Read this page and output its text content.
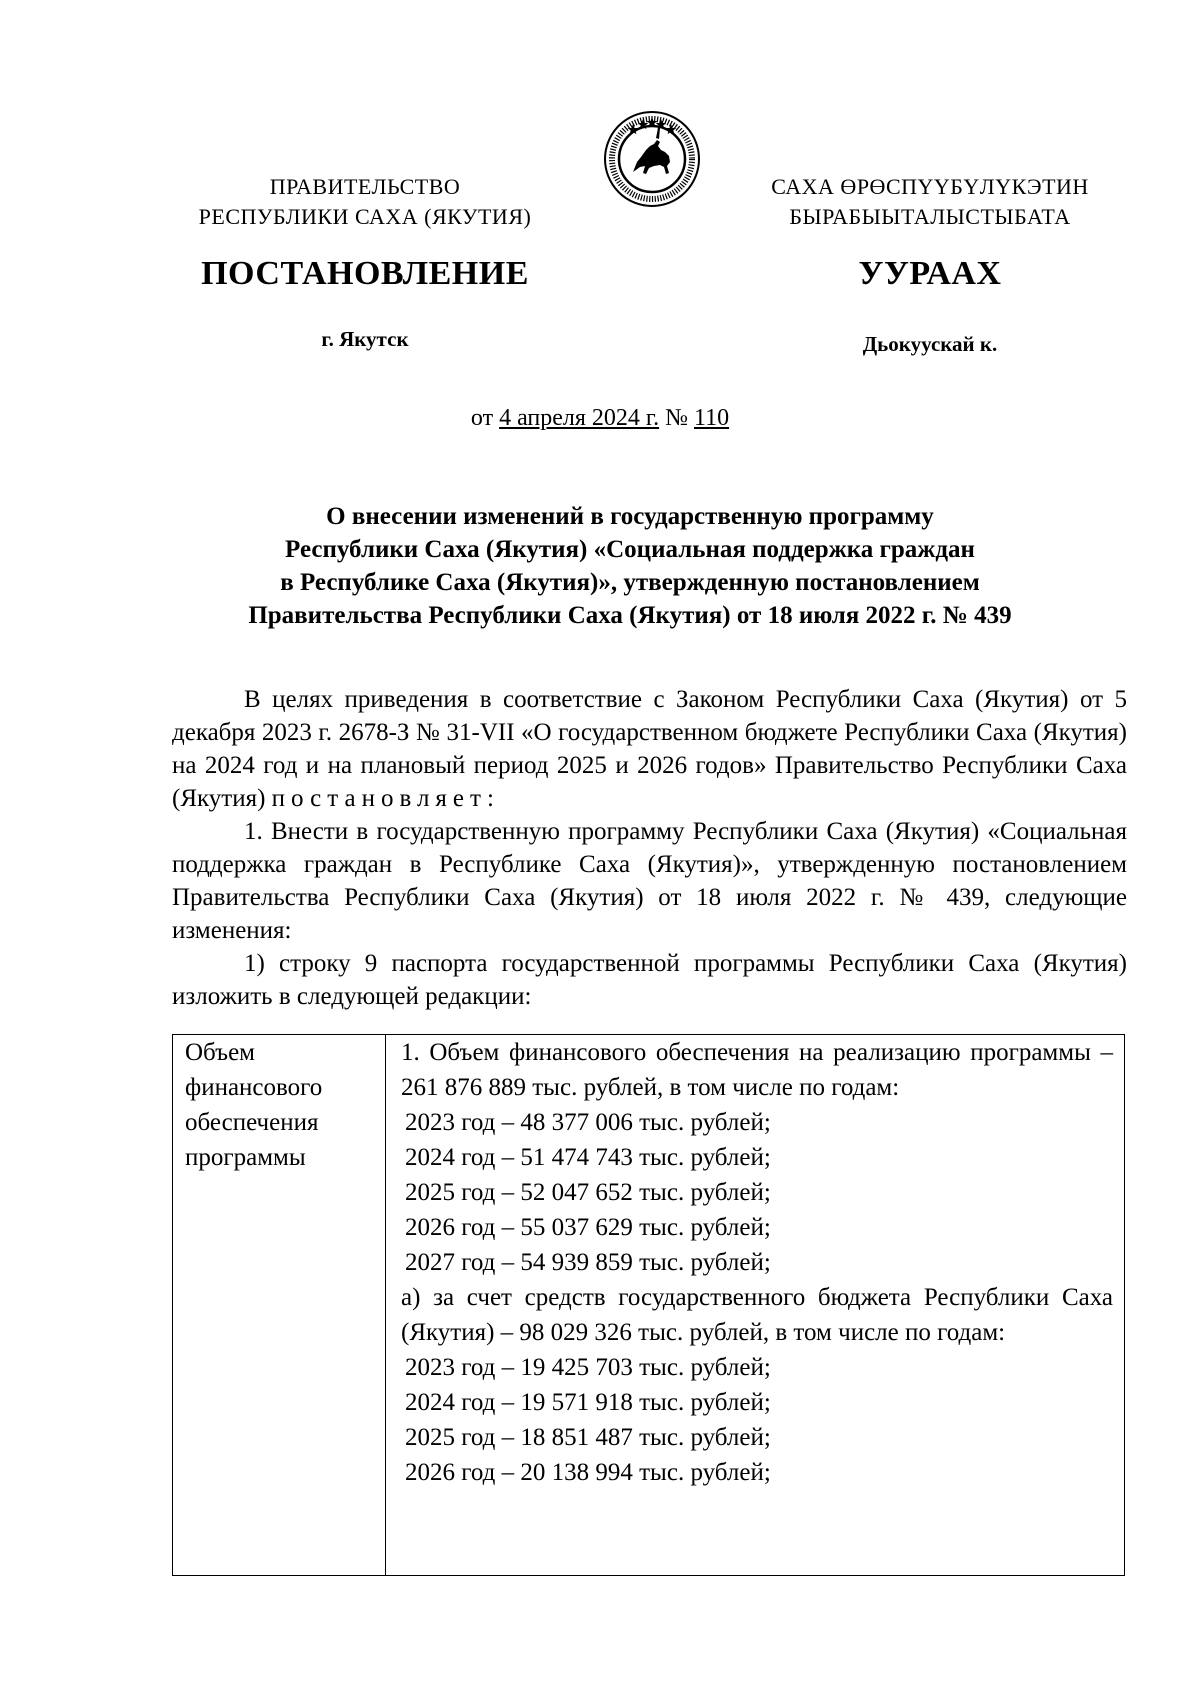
ПРАВИТЕЛЬСТВО
РЕСПУБЛИКИ САХА (ЯКУТИЯ)
САХА ӨРӨСПҮҮБҮЛҮКЭТИН
БЫРАБЫЫТАЛЫСТЫБАТА
ПОСТАНОВЛЕНИЕ	УУРААХ
г. Якутск	Дьокуускай к.
от 4 апреля 2024 г. № 110
О внесении изменений в государственную программу
Республики Саха (Якутия) «Социальная поддержка граждан
в Республике Саха (Якутия)», утвержденную постановлением
Правительства Республики Саха (Якутия) от 18 июля 2022 г. № 439

В целях приведения в соответствие с Законом Республики Саха (Якутия) от 5 декабря 2023 г. 2678-З № 31-VII «О государственном бюджете Республики Саха (Якутия) на 2024 год и на плановый период 2025 и 2026 годов» Правительство Республики Саха (Якутия) постановляет:

1. Внести в государственную программу Республики Саха (Якутия) «Социальная поддержка граждан в Республике Саха (Якутия)», утвержденную постановлением Правительства Республики Саха (Якутия) от 18 июля 2022 г. № 439, следующие изменения:

1) строку 9 паспорта государственной программы Республики Саха (Якутия) изложить в следующей редакции:

Объем
финансового
обеспечения
программы

1. Объем финансового обеспечения на реализацию программы –261 876 889 тыс. рублей, в том числе по годам:

2023 год – 48 377 006 тыс. рублей;

2024 год – 51 474 743 тыс. рублей;

2025 год – 52 047 652 тыс. рублей;

2026 год – 55 037 629 тыс. рублей;

2027 год – 54 939 859 тыс. рублей;

а) за счет средств государственного бюджета Республики Саха (Якутия) – 98 029 326 тыс. рублей, в том числе по годам:

2023 год – 19 425 703 тыс. рублей;

2024 год – 19 571 918 тыс. рублей;

2025 год – 18 851 487 тыс. рублей;

2026 год – 20 138 994 тыс. рублей;
